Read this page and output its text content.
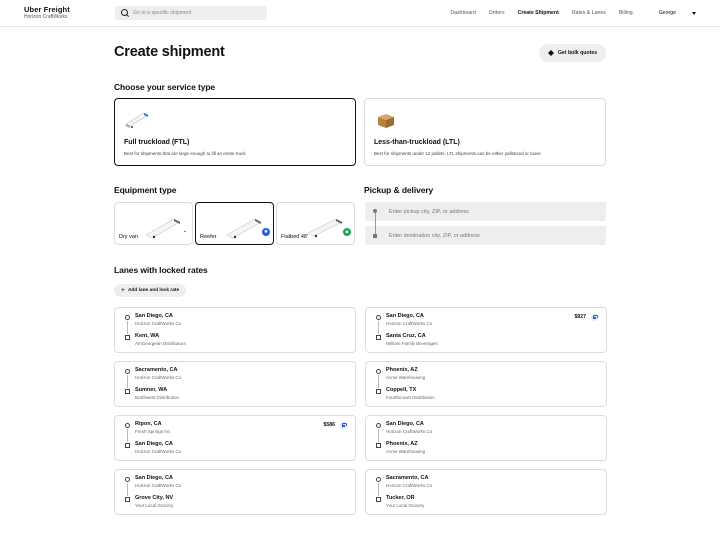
Uber Freight
Horizon CraftWorks
Go to a specific shipment
Dashboard	Orders	Create Shipment	Rates & Lanes	Billing	George
Create shipment	Get bulk quotes
Choose your service type
Full truckload (FTL)
Best for shipments that are large enough to fill an entire truck
Less-than-truckload (LTL)
Best for shipments under 12 pallets. LTL shipments can be either palletized or loose
Equipment type
▪
Dry van
✱
Reefer
◆
Flatbed 48'
Pickup & delivery
Enter pickup city, ZIP, or address
Enter destination city, ZIP, or address
Lanes with locked rates
+ Add lane and lock rate
San Diego, CA
Horizon CraftWorks Co
Kent, WA
AmGeorgean Distributors
San Diego, CA
Horizon CraftWorks Co
Santa Cruz, CA
William Family Beverages
$927
Sacramento, CA
Horizon CraftWorks Co
Sumner, WA
Northwest Distribution
Phoenix, AZ
Acme Warehousing
Coppell, TX
Fourthcrown Distribution
Ripon, CA
Fresh Springs Inc
San Diego, CA
Horizon CraftWorks Co
$586	San Diego, CA
Horizon CraftWorks Co
Phoenix, AZ
Acme Warehousing
San Diego, CA
Horizon CraftWorks Co
Grove City, NV
Your Local Grocery
Sacramento, CA
Horizon CraftWorks Co
Tucker, OR
Your Local Grocery
